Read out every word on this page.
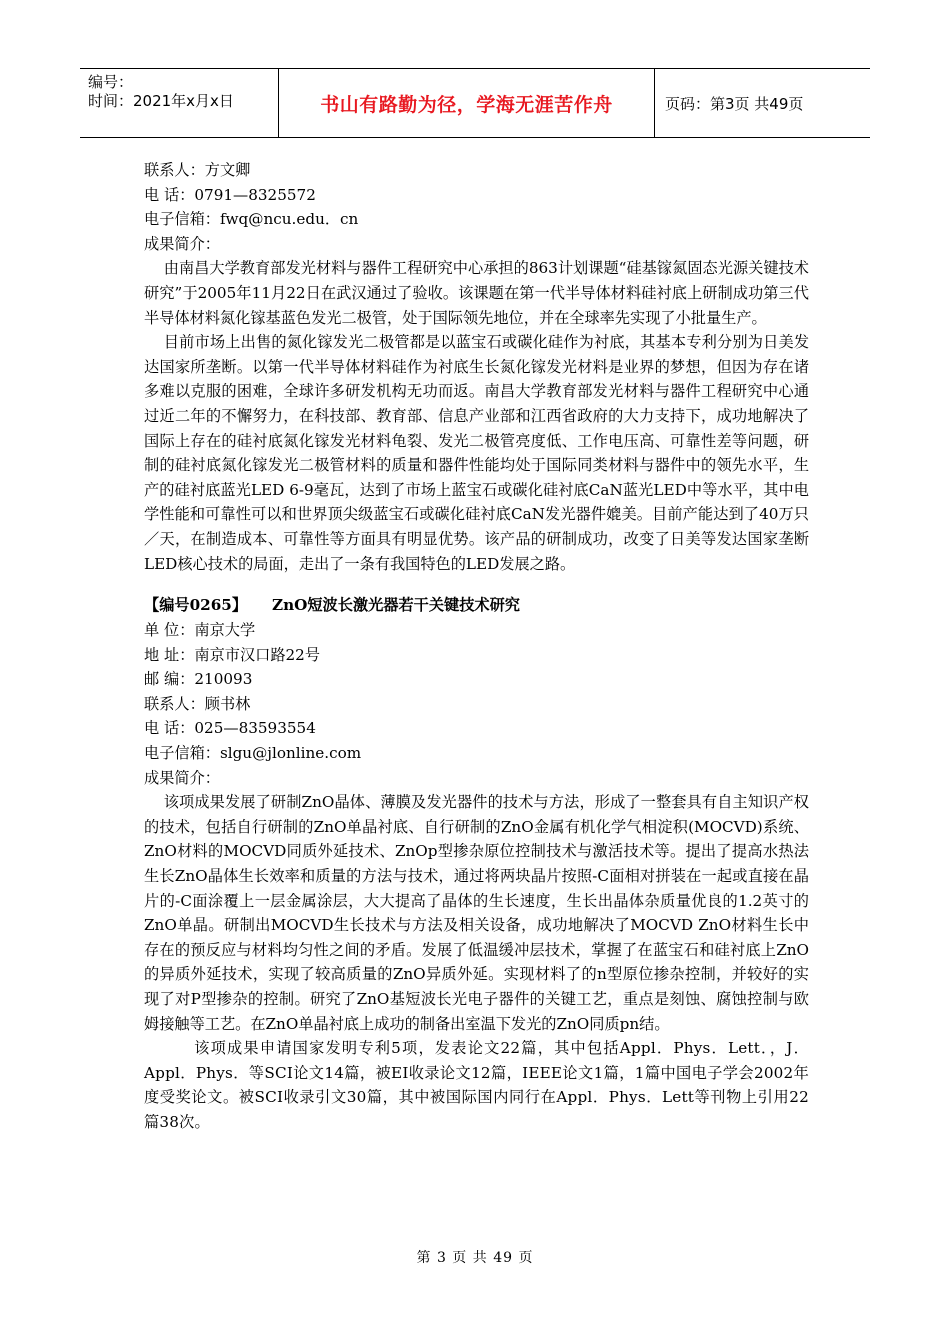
编号：
时间：2021年x月x日	书山有路勤为径，学海无涯苦作舟	页码：第3页 共49页
联系人：方文卿
电 话：0791—8325572
电子信箱：fwq@ncu.edu．cn
成果简介：
由南昌大学教育部发光材料与器件工程研究中心承担的863计划课题“硅基镓氮固态光源关键技术研究”于2005年11月22日在武汉通过了验收。该课题在第一代半导体材料硅衬底上研制成功第三代半导体材料氮化镓基蓝色发光二极管，处于国际领先地位，并在全球率先实现了小批量生产。
目前市场上出售的氮化镓发光二极管都是以蓝宝石或碳化硅作为衬底，其基本专利分别为日美发达国家所垄断。以第一代半导体材料硅作为衬底生长氮化镓发光材料是业界的梦想，但因为存在诸多难以克服的困难，全球许多研发机构无功而返。南昌大学教育部发光材料与器件工程研究中心通过近二年的不懈努力，在科技部、教育部、信息产业部和江西省政府的大力支持下，成功地解决了国际上存在的硅衬底氮化镓发光材料龟裂、发光二极管亮度低、工作电压高、可靠性差等问题，研制的硅衬底氮化镓发光二极管材料的质量和器件性能均处于国际同类材料与器件中的领先水平，生产的硅衬底蓝光LED 6-9毫瓦，达到了市场上蓝宝石或碳化硅衬底CaN蓝光LED中等水平，其中电学性能和可靠性可以和世界顶尖级蓝宝石或碳化硅衬底CaN发光器件媲美。目前产能达到了40万只／天，在制造成本、可靠性等方面具有明显优势。该产品的研制成功，改变了日美等发达国家垄断LED核心技术的局面，走出了一条有我国特色的LED发展之路。
【编号0265】 ZnO短波长激光器若干关键技术研究
单 位：南京大学
地 址：南京市汉口路22号
邮 编：210093
联系人：顾书林
电 话：025—83593554
电子信箱：slgu@jlonline.com
成果简介：
该项成果发展了研制ZnO晶体、薄膜及发光器件的技术与方法，形成了一整套具有自主知识产权的技术，包括自行研制的ZnO单晶衬底、自行研制的ZnO金属有机化学气相淀积(MOCVD)系统、ZnO材料的MOCVD同质外延技术、ZnOp型掺杂原位控制技术与激活技术等。提出了提高水热法生长ZnO晶体生长效率和质量的方法与技术，通过将两块晶片按照-C面相对拼装在一起或直接在晶片的-C面涂覆上一层金属涂层，大大提高了晶体的生长速度，生长出晶体杂质量优良的1.2英寸的ZnO单晶。研制出MOCVD生长技术与方法及相关设备，成功地解决了MOCVD ZnO材料生长中存在的预反应与材料均匀性之间的矛盾。发展了低温缓冲层技术，掌握了在蓝宝石和硅衬底上ZnO的异质外延技术，实现了较高质量的ZnO异质外延。实现材料了的n型原位掺杂控制，并较好的实现了对P型掺杂的控制。研究了ZnO基短波长光电子器件的关键工艺，重点是刻蚀、腐蚀控制与欧姆接触等工艺。在ZnO单晶衬底上成功的制备出室温下发光的ZnO同质pn结。
该项成果申请国家发明专利5项，发表论文22篇，其中包括Appl．Phys．Lett．，J．Appl．Phys．等SCI论文14篇，被EI收录论文12篇，IEEE论文1篇，1篇中国电子学会2002年度受奖论文。被SCI收录引文30篇，其中被国际国内同行在Appl．Phys．Lett等刊物上引用22篇38次。
第 3 页 共 49 页
